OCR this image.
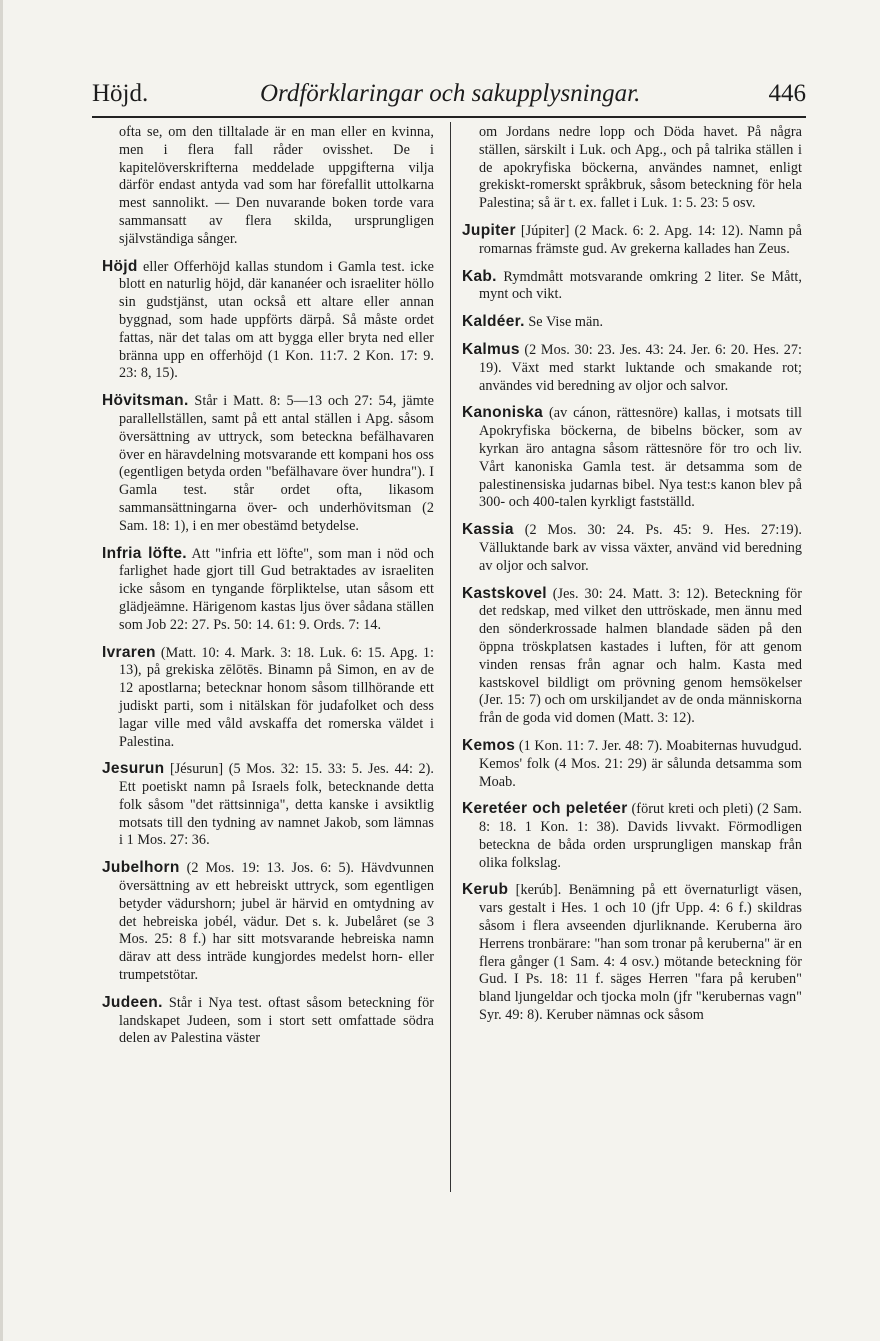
Höjd.	Ordförklaringar och sakupplysningar.	446

ofta se, om den tilltalade är en man eller en kvinna, men i flera fall råder ovisshet. De i kapitelöverskrifterna meddelade uppgifterna vilja därför endast antyda vad som har förefallit uttolkarna mest sannolikt. — Den nuvarande boken torde vara sammansatt av flera skilda, ursprungligen självständiga sånger.

Höjd eller Offerhöjd kallas stundom i Gamla test. icke blott en naturlig höjd, där kananéer och israeliter höllo sin gudstjänst, utan också ett altare eller annan byggnad, som hade uppförts därpå. Så måste ordet fattas, när det talas om att bygga eller bryta ned eller bränna upp en offerhöjd (1 Kon. 11:7. 2 Kon. 17: 9. 23: 8, 15).

Hövitsman. Står i Matt. 8: 5—13 och 27: 54, jämte parallellställen, samt på ett antal ställen i Apg. såsom översättning av uttryck, som beteckna befälhavaren över en häravdelning motsvarande ett kompani hos oss (egentligen betyda orden "befälhavare över hundra"). I Gamla test. står ordet ofta, likasom sammansättningarna över- och underhövitsman (2 Sam. 18: 1), i en mer obestämd betydelse.

Infria löfte. Att "infria ett löfte", som man i nöd och farlighet hade gjort till Gud betraktades av israeliten icke såsom en tyngande förpliktelse, utan såsom ett glädjeämne. Härigenom kastas ljus över sådana ställen som Job 22: 27. Ps. 50: 14. 61: 9. Ords. 7: 14.

Ivraren (Matt. 10: 4. Mark. 3: 18. Luk. 6: 15. Apg. 1: 13), på grekiska zēlōtēs. Binamn på Simon, en av de 12 apostlarna; betecknar honom såsom tillhörande ett judiskt parti, som i nitälskan för judafolket och dess lagar ville med våld avskaffa det romerska väldet i Palestina.

Jesurun [Jésurun] (5 Mos. 32: 15. 33: 5. Jes. 44: 2). Ett poetiskt namn på Israels folk, betecknande detta folk såsom "det rättsinniga", detta kanske i avsiktlig motsats till den tydning av namnet Jakob, som lämnas i 1 Mos. 27: 36.

Jubelhorn (2 Mos. 19: 13. Jos. 6: 5). Hävdvunnen översättning av ett hebreiskt uttryck, som egentligen betyder vädurshorn; jubel är härvid en omtydning av det hebreiska jobél, vädur. Det s. k. Jubelåret (se 3 Mos. 25: 8 f.) har sitt motsvarande hebreiska namn därav att dess inträde kungjordes medelst horn- eller trumpetstötar.

Judeen. Står i Nya test. oftast såsom beteckning för landskapet Judeen, som i stort sett omfattade södra delen av Palestina väster

om Jordans nedre lopp och Döda havet. På några ställen, särskilt i Luk. och Apg., och på talrika ställen i de apokryfiska böckerna, användes namnet, enligt grekiskt-romerskt språkbruk, såsom beteckning för hela Palestina; så är t. ex. fallet i Luk. 1: 5. 23: 5 osv.

Jupiter [Júpiter] (2 Mack. 6: 2. Apg. 14: 12). Namn på romarnas främste gud. Av grekerna kallades han Zeus.

Kab. Rymdmått motsvarande omkring 2 liter. Se Mått, mynt och vikt.

Kaldéer. Se Vise män.

Kalmus (2 Mos. 30: 23. Jes. 43: 24. Jer. 6: 20. Hes. 27: 19). Växt med starkt luktande och smakande rot; användes vid beredning av oljor och salvor.

Kanoniska (av cánon, rättesnöre) kallas, i motsats till Apokryfiska böckerna, de bibelns böcker, som av kyrkan äro antagna såsom rättesnöre för tro och liv. Vårt kanoniska Gamla test. är detsamma som de palestinensiska judarnas bibel. Nya test:s kanon blev på 300- och 400-talen kyrkligt fastställd.

Kassia (2 Mos. 30: 24. Ps. 45: 9. Hes. 27:19). Välluktande bark av vissa växter, använd vid beredning av oljor och salvor.

Kastskovel (Jes. 30: 24. Matt. 3: 12). Beteckning för det redskap, med vilket den uttröskade, men ännu med den sönderkrossade halmen blandade säden på den öppna tröskplatsen kastades i luften, för att genom vinden rensas från agnar och halm. Kasta med kastskovel bildligt om prövning genom hemsökelser (Jer. 15: 7) och om urskiljandet av de onda människorna från de goda vid domen (Matt. 3: 12).

Kemos (1 Kon. 11: 7. Jer. 48: 7). Moabiternas huvudgud. Kemos' folk (4 Mos. 21: 29) är sålunda detsamma som Moab.

Keretéer och peletéer (förut kreti och pleti) (2 Sam. 8: 18. 1 Kon. 1: 38). Davids livvakt. Förmodligen betecknа de båda orden ursprungligen manskap från olika folkslag.

Kerub [kerúb]. Benämning på ett övernaturligt väsen, vars gestalt i Hes. 1 och 10 (jfr Upp. 4: 6 f.) skildras såsom i flera avseenden djurliknande. Keruberna äro Herrens tronbärare: "han som tronar på keruberna" är en flera gånger (1 Sam. 4: 4 osv.) mötande beteckning för Gud. I Ps. 18: 11 f. säges Herren "fara på keruben" bland ljungeldar och tjocka moln (jfr "kerubernas vagn" Syr. 49: 8). Keruber nämnas ock såsom
